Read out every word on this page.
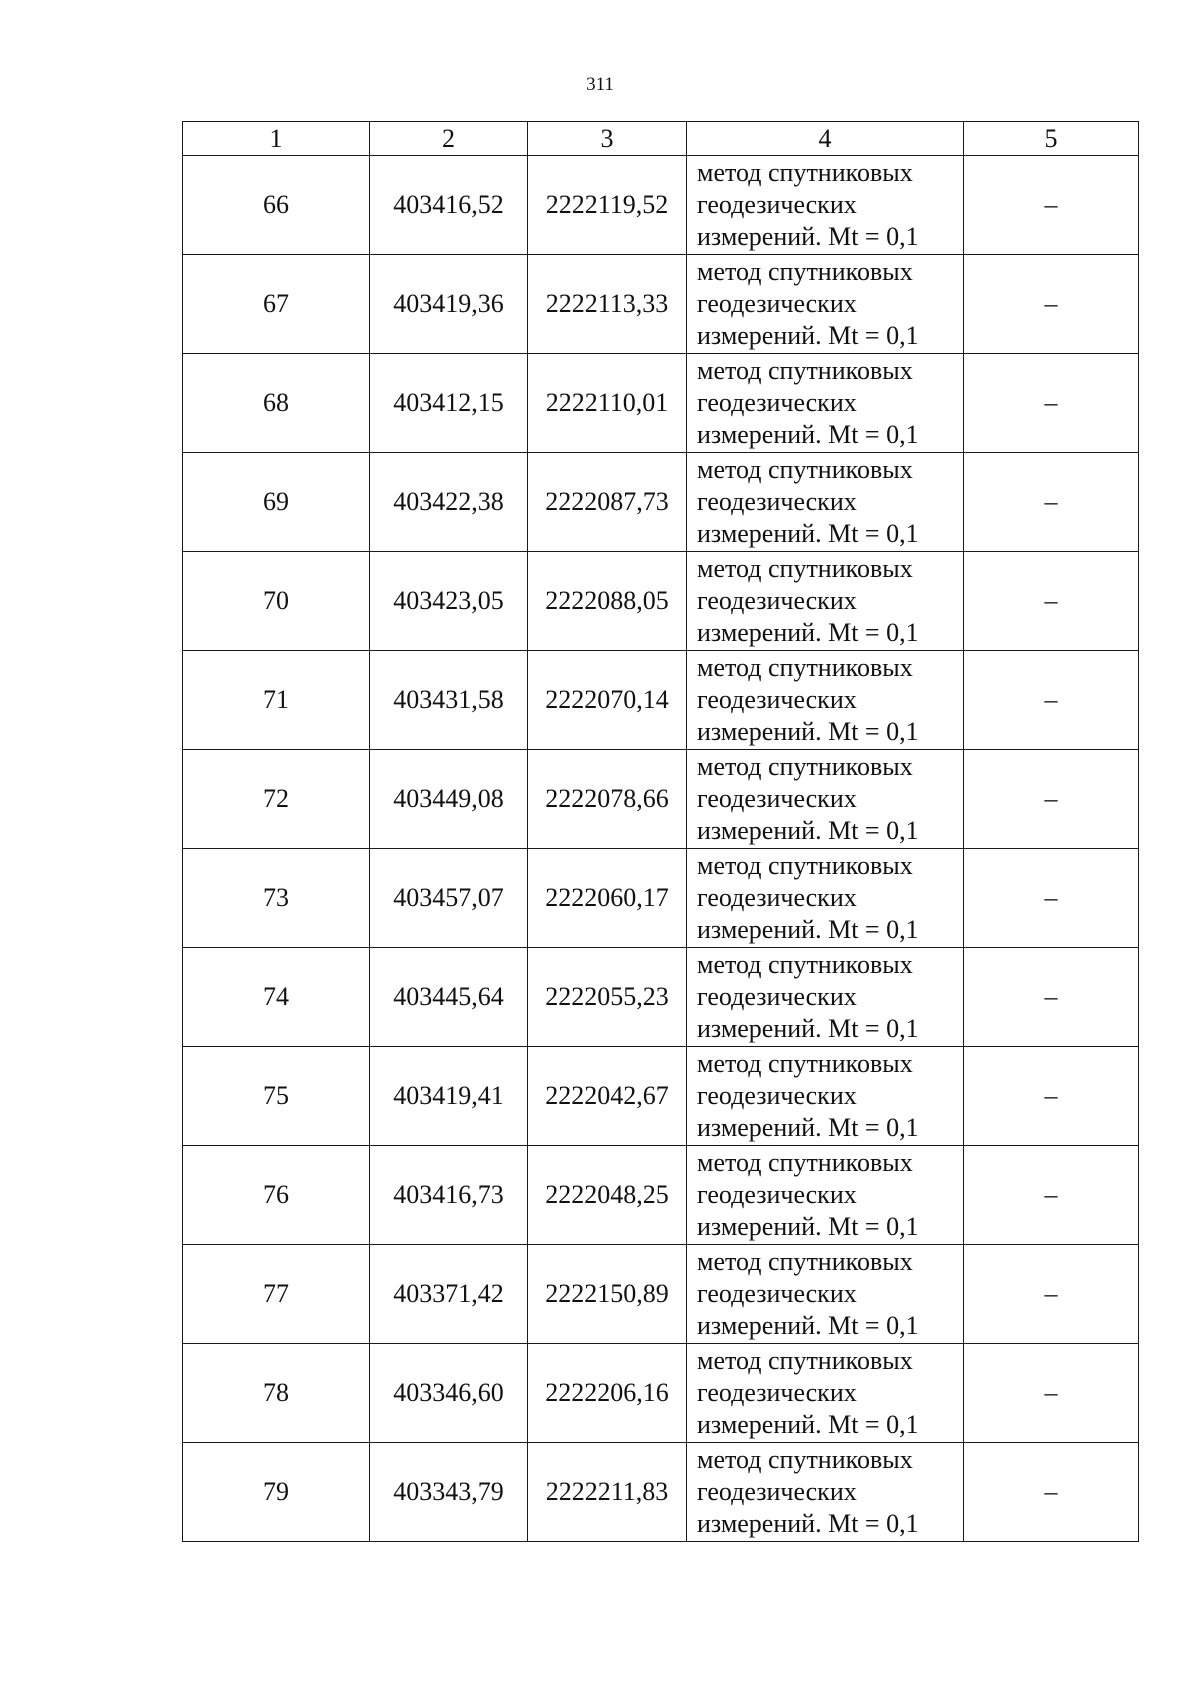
311
1	2	3	4	5
66	403416,52	2222119,52	метод спутниковых
геодезических
измерений. Mt = 0,1	–
67	403419,36	2222113,33	метод спутниковых
геодезических
измерений. Mt = 0,1	–
68	403412,15	2222110,01	метод спутниковых
геодезических
измерений. Mt = 0,1	–
69	403422,38	2222087,73	метод спутниковых
геодезических
измерений. Mt = 0,1	–
70	403423,05	2222088,05	метод спутниковых
геодезических
измерений. Mt = 0,1	–
71	403431,58	2222070,14	метод спутниковых
геодезических
измерений. Mt = 0,1	–
72	403449,08	2222078,66	метод спутниковых
геодезических
измерений. Mt = 0,1	–
73	403457,07	2222060,17	метод спутниковых
геодезических
измерений. Mt = 0,1	–
74	403445,64	2222055,23	метод спутниковых
геодезических
измерений. Mt = 0,1	–
75	403419,41	2222042,67	метод спутниковых
геодезических
измерений. Mt = 0,1	–
76	403416,73	2222048,25	метод спутниковых
геодезических
измерений. Mt = 0,1	–
77	403371,42	2222150,89	метод спутниковых
геодезических
измерений. Mt = 0,1	–
78	403346,60	2222206,16	метод спутниковых
геодезических
измерений. Mt = 0,1	–
79	403343,79	2222211,83	метод спутниковых
геодезических
измерений. Mt = 0,1	–
